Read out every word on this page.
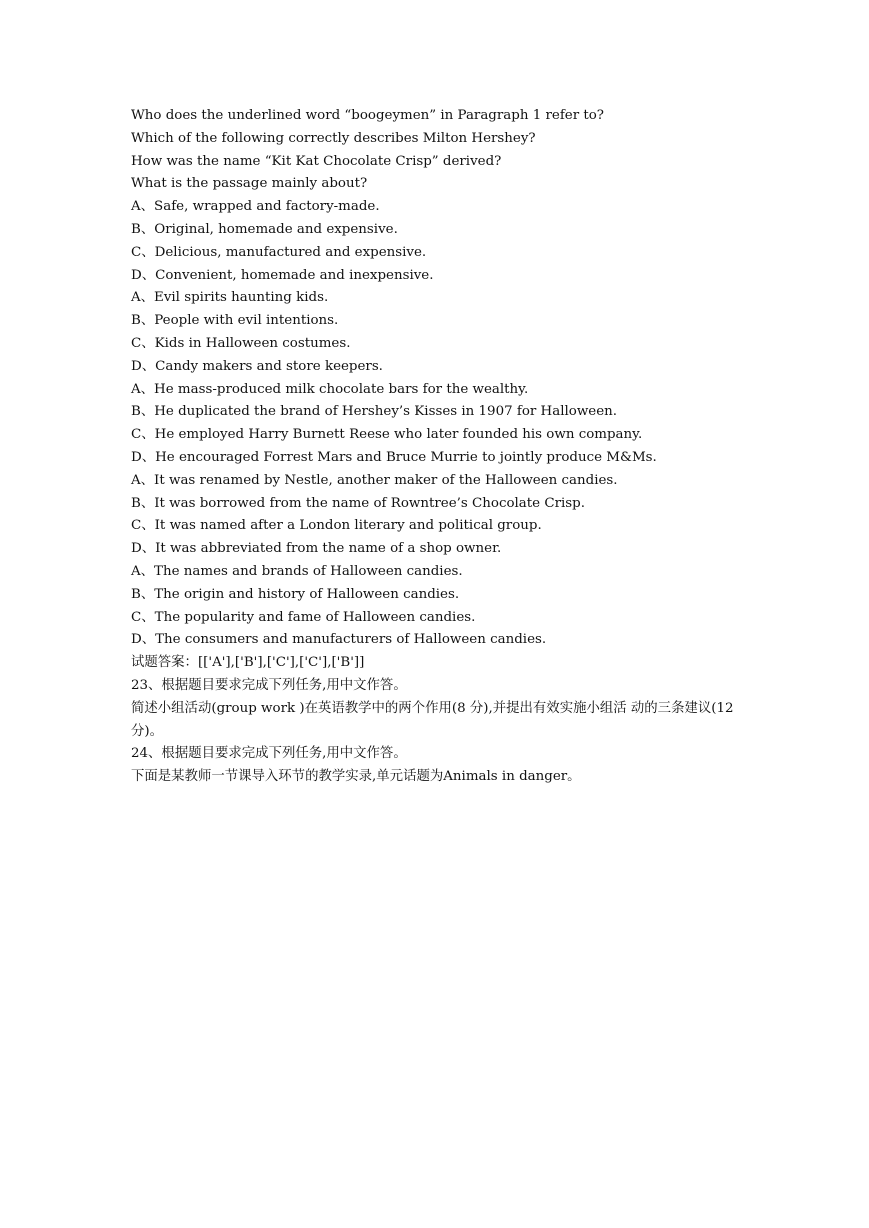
Who does the underlined word “boogeymen” in Paragraph 1 refer to?
Which of the following correctly describes Milton Hershey?
How was the name “Kit Kat Chocolate Crisp” derived?
What is the passage mainly about?
A、Safe, wrapped and factory-made.
B、Original, homemade and expensive.
C、Delicious, manufactured and expensive.
D、Convenient, homemade and inexpensive.
A、Evil spirits haunting kids.
B、People with evil intentions.
C、Kids in Halloween costumes.
D、Candy makers and store keepers.
A、He mass-produced milk chocolate bars for the wealthy.
B、He duplicated the brand of Hershey’s Kisses in 1907 for Halloween.
C、He employed Harry Burnett Reese who later founded his own company.
D、He encouraged Forrest Mars and Bruce Murrie to jointly produce M&Ms.
A、It was renamed by Nestle, another maker of the Halloween candies.
B、It was borrowed from the name of Rowntree’s Chocolate Crisp.
C、It was named after a London literary and political group.
D、It was abbreviated from the name of a shop owner.
A、The names and brands of Halloween candies.
B、The origin and history of Halloween candies.
C、The popularity and fame of Halloween candies.
D、The consumers and manufacturers of Halloween candies.
试题答案：[['A'],['B'],['C'],['C'],['B']]
23、根据题目要求完成下列任务,用中文作答。
简述小组活动(group work )在英语教学中的两个作用(8 分),并提出有效实施小组活 动的三条建议(12 分)。
24、根据题目要求完成下列任务,用中文作答。
下面是某教师一节课导入环节的教学实录,单元话题为Animals in danger。
